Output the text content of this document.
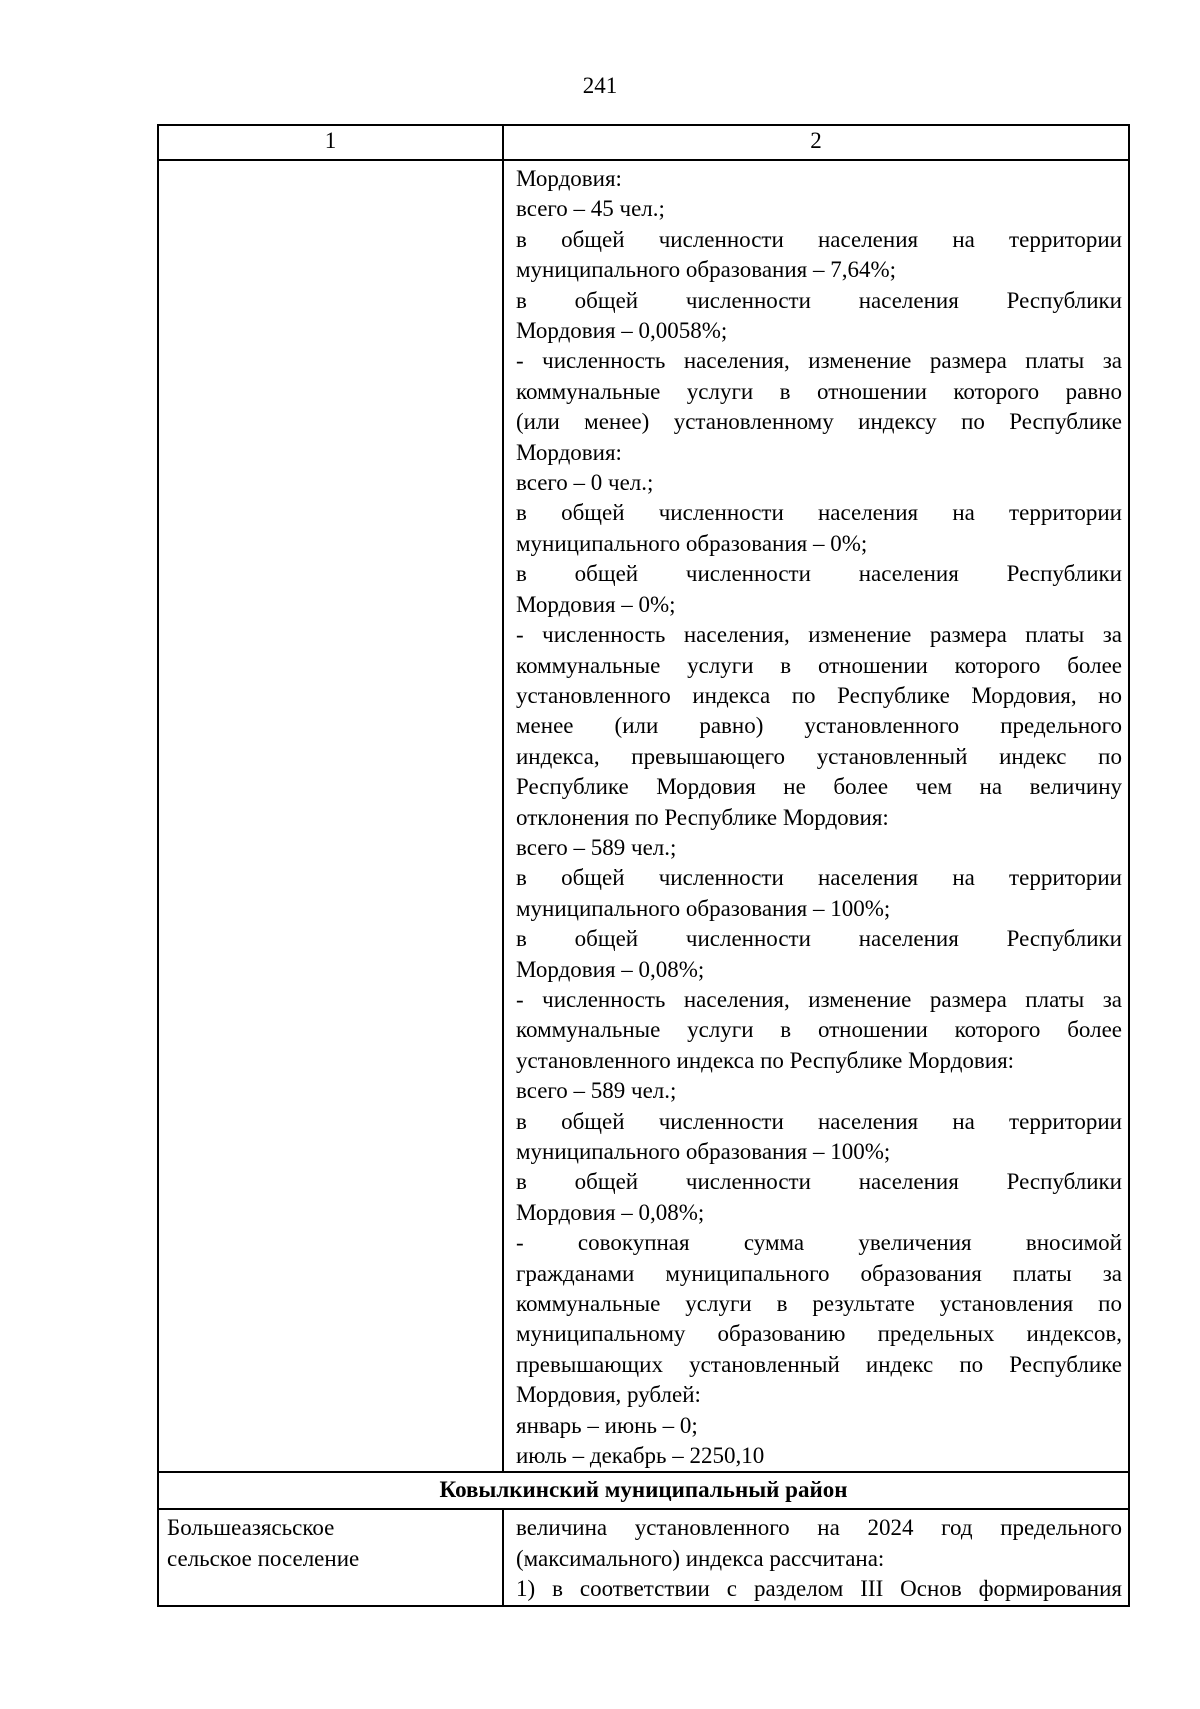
241
1	2
Мордовия:
всего – 45 чел.;
в общей численности населения на территории
муниципального образования – 7,64%;
в общей численности населения Республики
Мордовия – 0,0058%;
- численность населения, изменение размера платы за
коммунальные услуги в отношении которого равно
(или менее) установленному индексу по Республике
Мордовия:
всего – 0 чел.;
в общей численности населения на территории
муниципального образования – 0%;
в общей численности населения Республики
Мордовия – 0%;
- численность населения, изменение размера платы за
коммунальные услуги в отношении которого более
установленного индекса по Республике Мордовия, но
менее (или равно) установленного предельного
индекса, превышающего установленный индекс по
Республике Мордовия не более чем на величину
отклонения по Республике Мордовия:
всего – 589 чел.;
в общей численности населения на территории
муниципального образования – 100%;
в общей численности населения Республики
Мордовия – 0,08%;
- численность населения, изменение размера платы за
коммунальные услуги в отношении которого более
установленного индекса по Республике Мордовия:
всего – 589 чел.;
в общей численности населения на территории
муниципального образования – 100%;
в общей численности населения Республики
Мордовия – 0,08%;
- совокупная сумма увеличения вносимой
гражданами муниципального образования платы за
коммунальные услуги в результате установления по
муниципальному образованию предельных индексов,
превышающих установленный индекс по Республике
Мордовия, рублей:
январь – июнь – 0;
июль – декабрь – 2250,10
Ковылкинский муниципальный район
Большеазясьское
сельское поселение
величина установленного на 2024 год предельного
(максимального) индекса рассчитана:
1) в соответствии с разделом III Основ формирования
